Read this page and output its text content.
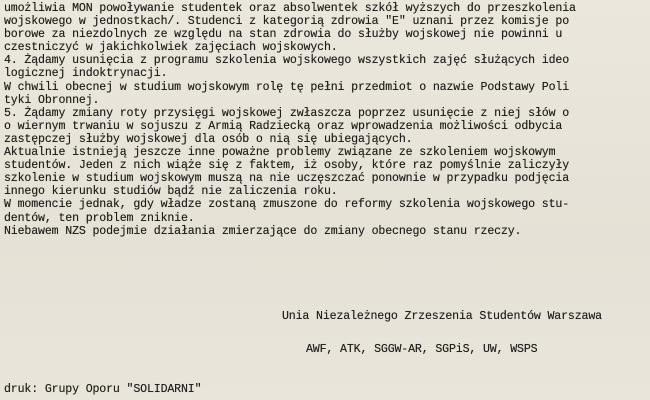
umożliwia MON powoływanie studentek oraz absolwentek szkół wyższych do przeszkolenia
wojskowego w jednostkach/. Studenci z kategorią zdrowia "E" uznani przez komisje po
borowe za niezdolnych ze względu na stan zdrowia do służby wojskowej nie powinni u
czestniczyć w jakichkolwiek zajęciach wojskowych.
4. Żądamy usunięcia z programu szkolenia wojskowego wszystkich zajęć służących ideo
logicznej indoktrynacji.
W chwili obecnej w studium wojskowym rolę tę pełni przedmiot o nazwie Podstawy Poli
tyki Obronnej.
5. Żądamy zmiany roty przysięgi wojskowej zwłaszcza poprzez usunięcie z niej słów o
o wiernym trwaniu w sojuszu z Armią Radziecką oraz wprowadzenia możliwości odbycia
zastępczej służby wojskowej dla osób o nią się ubiegających.
Aktualnie istnieją jeszcze inne poważne problemy związane ze szkoleniem wojskowym
studentów. Jeden z nich wiąże się z faktem, iż osoby, które raz pomyślnie zaliczyły
szkolenie w studium wojskowym muszą na nie uczęszczać ponownie w przypadku podjęcia
innego kierunku studiów bądź nie zaliczenia roku.
W momencie jednak, gdy władze zostaną zmuszone do reformy szkolenia wojskowego stu-
dentów, ten problem zniknie.
Niebawem NZS podejmie działania zmierzające do zmiany obecnego stanu rzeczy.
Unia Niezależnego Zrzeszenia Studentów Warszawa
AWF, ATK, SGGW-AR, SGPiS, UW, WSPS
druk: Grupy Oporu "SOLIDARNI"
